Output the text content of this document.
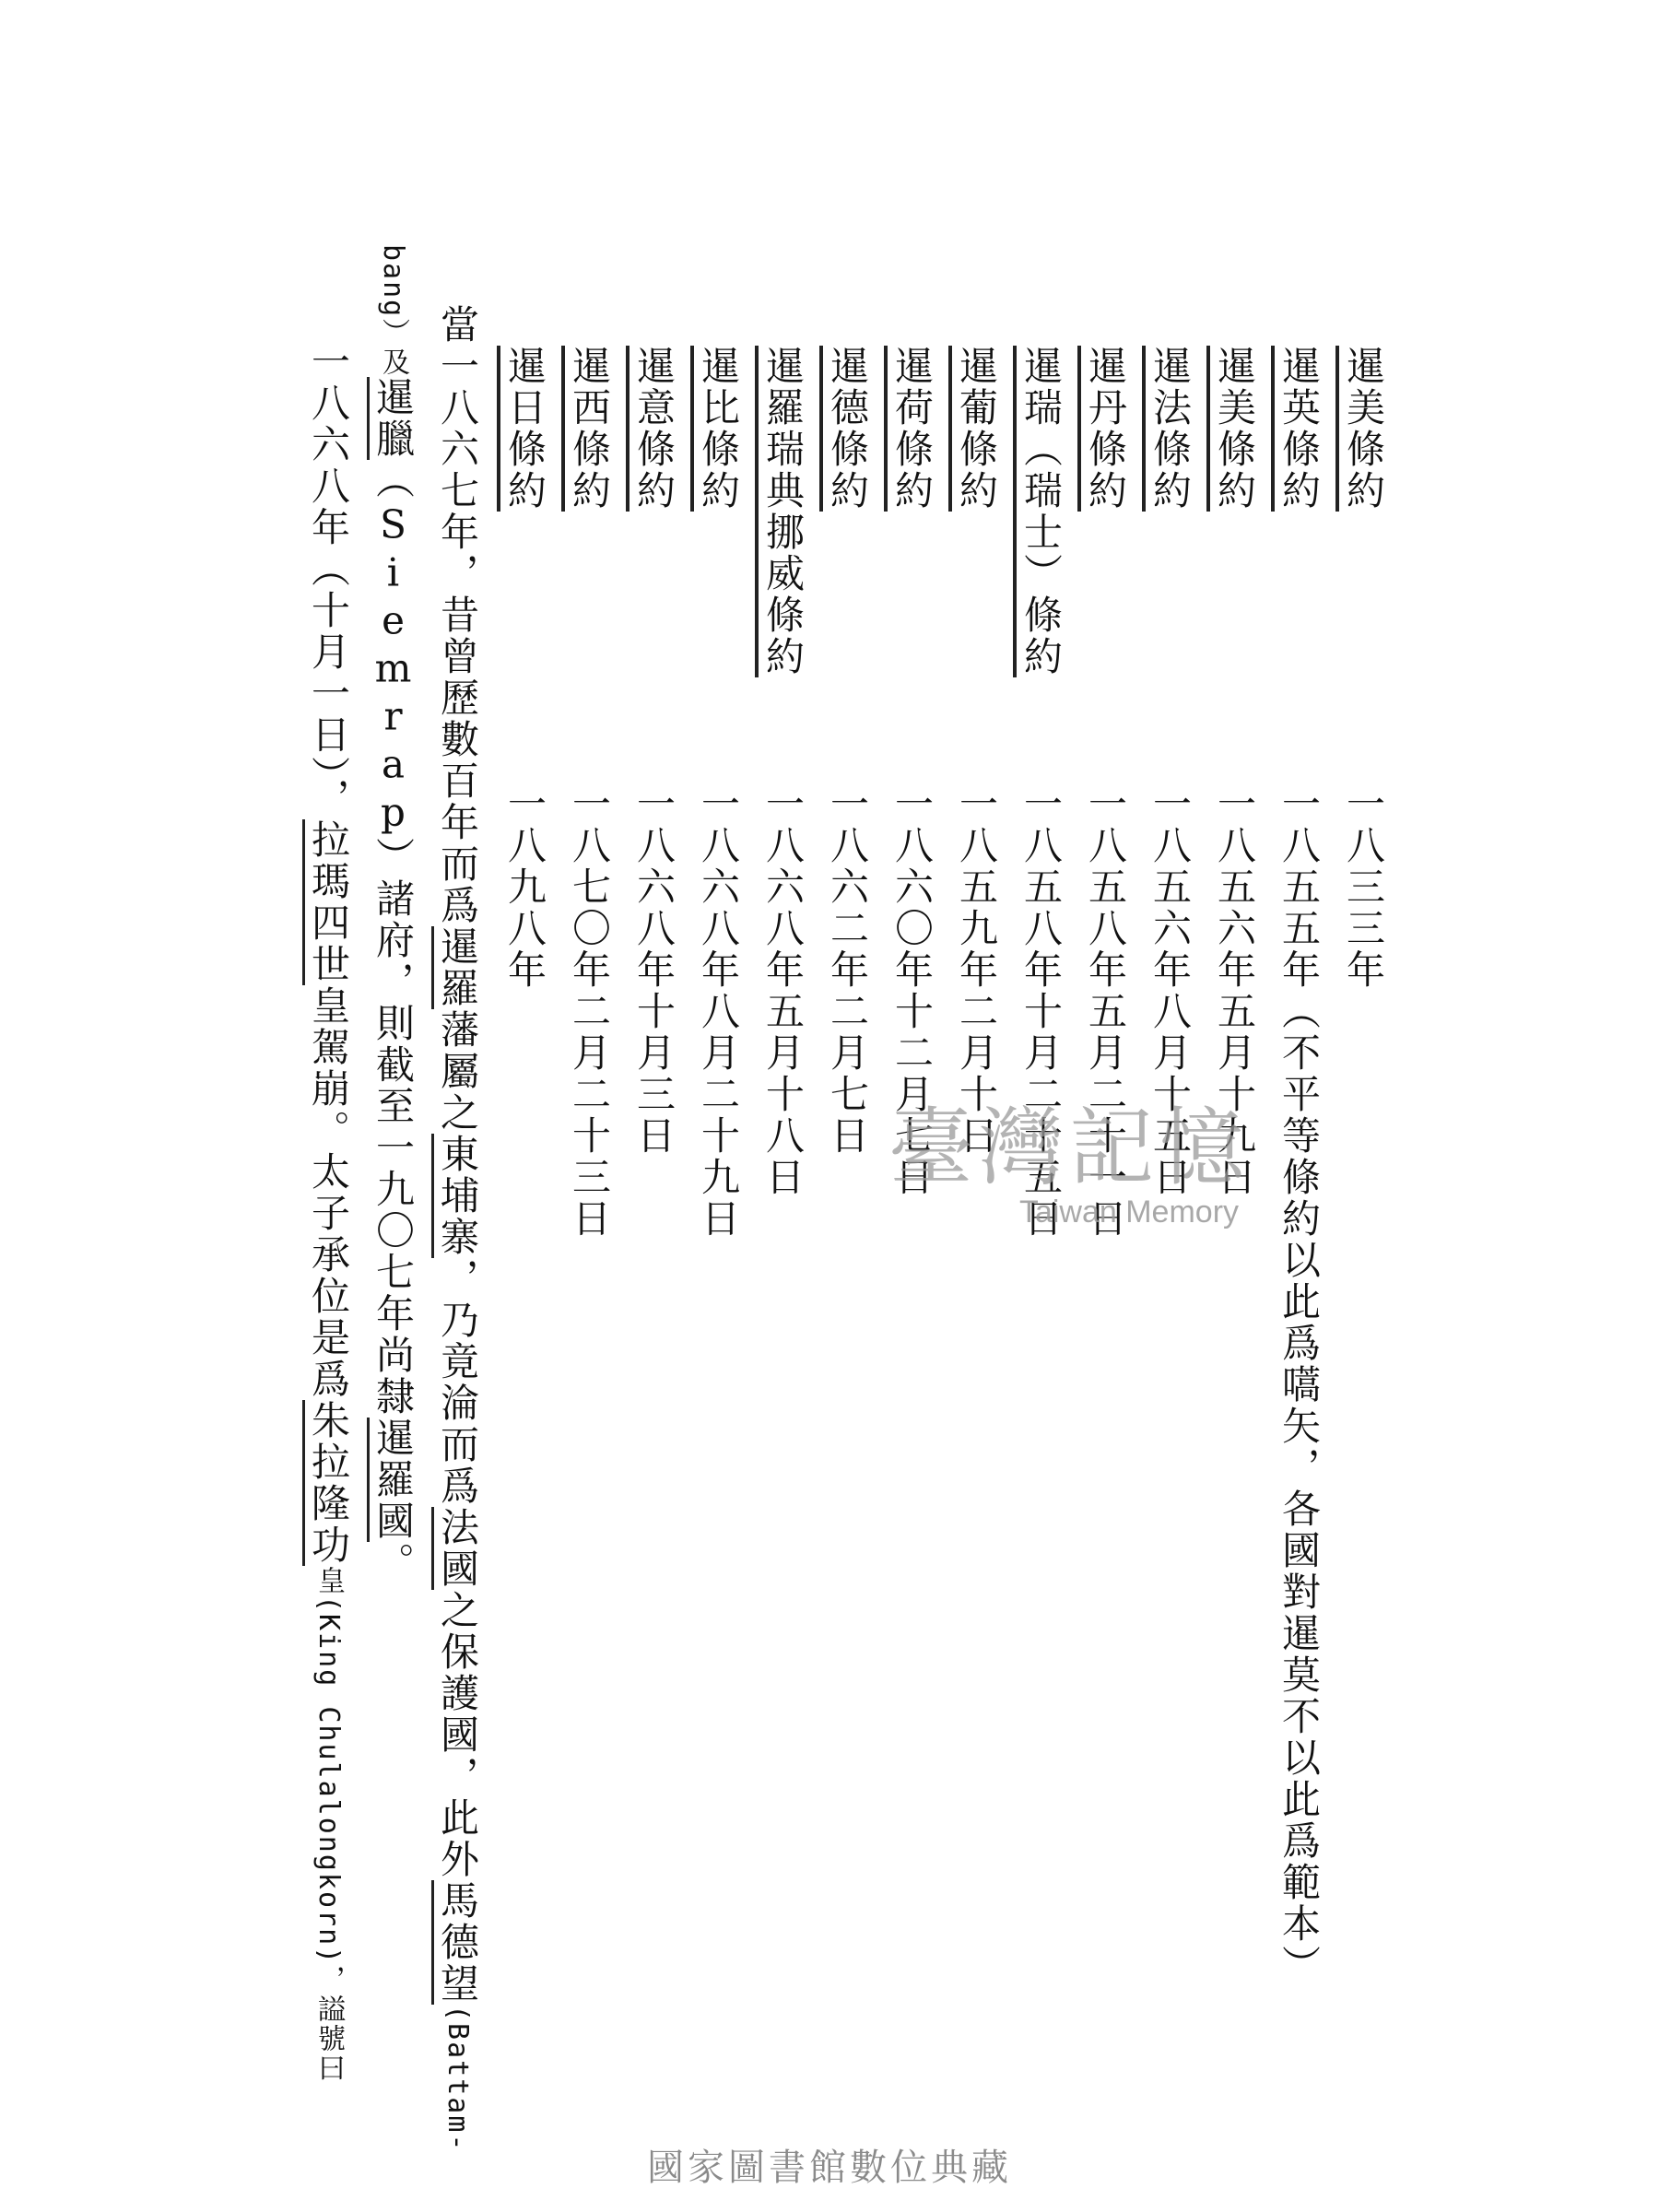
暹美條約
暹英條約
暹美條約
暹法條約
暹丹條約
暹瑞（瑞士）條約
暹葡條約
暹荷條約
暹德條約
暹羅瑞典挪威條約
暹比條約
暹意條約
暹西條約
暹日條約
一八三三年
一八五五年（不平等條約以此爲嚆矢，各國對暹莫不以此爲範本）
一八五六年五月十九日
一八五六年八月十五日
一八五八年五月二十一日
一八五八年十月二十五日
一八五九年二月十日
一八六〇年十二月七日
一八六二年二月七日
一八六八年五月十八日
一八六八年八月二十九日
一八六八年十月三日
一八七〇年二月二十三日
一八九八年
當一八六七年，昔曾歷數百年而爲暹羅藩屬之東埔寨，乃竟淪而爲法國之保護國，此外馬德望(Battam-
bang）及暹臘（Siemrap）諸府，則截至一九〇七年尚隸暹羅國。
一八六八年（十月一日），拉瑪四世皇駕崩。太子承位是爲朱拉隆功皇(King Chulalongkorn)，謚號曰
臺灣記憶
Taiwan Memory
國家圖書館數位典藏
